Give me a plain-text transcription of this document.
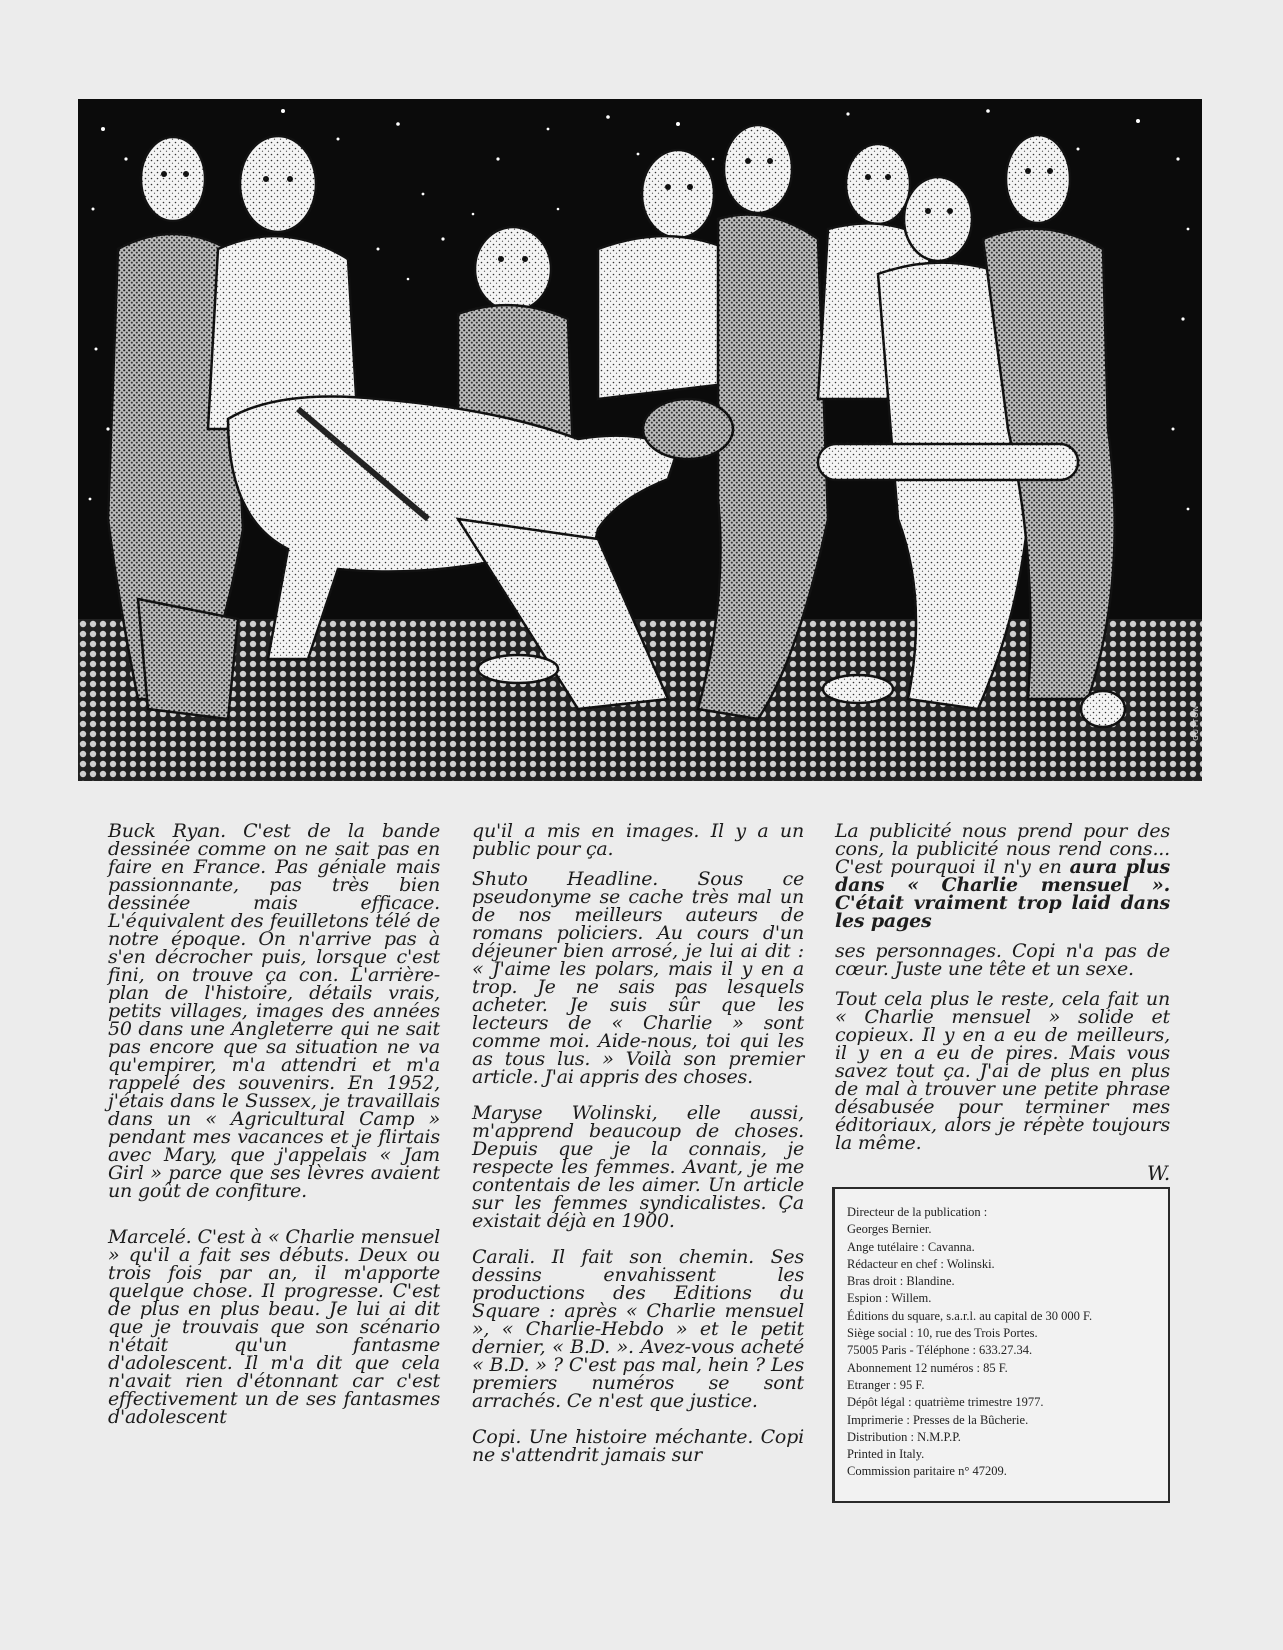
GUTTON

Buck Ryan. C'est de la bande dessinée comme on ne sait pas en faire en France. Pas géniale mais passionnante, pas très bien dessinée mais efficace. L'équivalent des feuilletons télé de notre époque. On n'arrive pas à s'en décrocher puis, lorsque c'est fini, on trouve ça con. L'arrière-plan de l'histoire, détails vrais, petits villages, images des années 50 dans une Angleterre qui ne sait pas encore que sa situation ne va qu'empirer, m'a attendri et m'a rappelé des souvenirs. En 1952, j'étais dans le Sussex, je travaillais dans un « Agricultural Camp » pendant mes vacances et je flirtais avec Mary, que j'appelais « Jam Girl » parce que ses lèvres avaient un goût de confiture.

Marcelé. C'est à « Charlie mensuel » qu'il a fait ses débuts. Deux ou trois fois par an, il m'apporte quelque chose. Il progresse. C'est de plus en plus beau. Je lui ai dit que je trouvais que son scénario n'était qu'un fantasme d'adolescent. Il m'a dit que cela n'avait rien d'étonnant car c'est effectivement un de ses fantasmes d'adolescent

qu'il a mis en images. Il y a un public pour ça.

Shuto Headline. Sous ce pseudonyme se cache très mal un de nos meilleurs auteurs de romans policiers. Au cours d'un déjeuner bien arrosé, je lui ai dit : « J'aime les polars, mais il y en a trop. Je ne sais pas lesquels acheter. Je suis sûr que les lecteurs de « Charlie » sont comme moi. Aide-nous, toi qui les as tous lus. » Voilà son premier article. J'ai appris des choses.

Maryse Wolinski, elle aussi, m'apprend beaucoup de choses. Depuis que je la connais, je respecte les femmes. Avant, je me contentais de les aimer. Un article sur les femmes syndicalistes. Ça existait déjà en 1900.

Carali. Il fait son chemin. Ses dessins envahissent les productions des Editions du Square : après « Charlie mensuel », « Charlie-Hebdo » et le petit dernier, « B.D. ». Avez-vous acheté « B.D. » ? C'est pas mal, hein ? Les premiers numéros se sont arrachés. Ce n'est que justice.

Copi. Une histoire méchante. Copi ne s'attendrit jamais sur

La publicité nous prend pour des cons, la publicité nous rend cons... C'est pourquoi il n'y en aura plus dans « Charlie mensuel ». C'était vraiment trop laid dans les pages

ses personnages. Copi n'a pas de cœur. Juste une tête et un sexe.

Tout cela plus le reste, cela fait un « Charlie mensuel » solide et copieux. Il y en a eu de meilleurs, il y en a eu de pires. Mais vous savez tout ça. J'ai de plus en plus de mal à trouver une petite phrase désabusée pour terminer mes éditoriaux, alors je répète toujours la même.

W.
Directeur de la publication :
Georges Bernier.
Ange tutélaire : Cavanna.
Rédacteur en chef : Wolinski.
Bras droit : Blandine.
Espion : Willem.
Éditions du square, s.a.r.l. au capital de 30 000 F.
Siège social : 10, rue des Trois Portes.
75005 Paris - Téléphone : 633.27.34.
Abonnement 12 numéros : 85 F.
Etranger : 95 F.
Dépôt légal : quatrième trimestre 1977.
Imprimerie : Presses de la Bûcherie.
Distribution : N.M.P.P.
Printed in Italy.
Commission paritaire n° 47209.
